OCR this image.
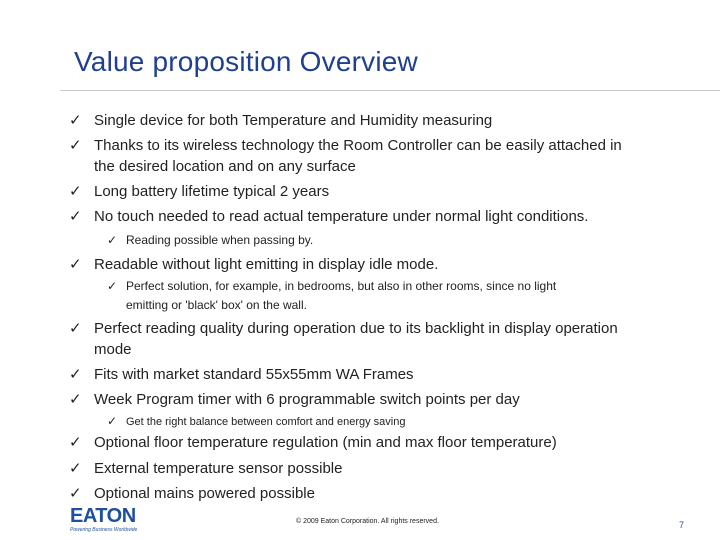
Value proposition Overview
✓ Single device for both Temperature and Humidity measuring
✓ Thanks to its wireless technology the Room Controller can be easily attached in
the desired location and on any surface
✓ Long battery lifetime typical 2 years
✓ No touch needed to read actual temperature under normal light conditions.
✓ Reading possible when passing by.
✓ Readable without light emitting in display idle mode.
✓ Perfect solution, for example, in bedrooms, but also in other rooms, since no light
emitting or 'black' box' on the wall.
✓ Perfect reading quality during operation due to its backlight in display operation
mode
✓ Fits with market standard 55x55mm WA Frames
✓ Week Program timer with 6 programmable switch points per day
✓ Get the right balance between comfort and energy saving
✓ Optional floor temperature regulation (min and max floor temperature)
✓ External temperature sensor possible
✓ Optional mains powered possible
EATON
Powering Business Worldwide
© 2009 Eaton Corporation. All rights reserved.	7
